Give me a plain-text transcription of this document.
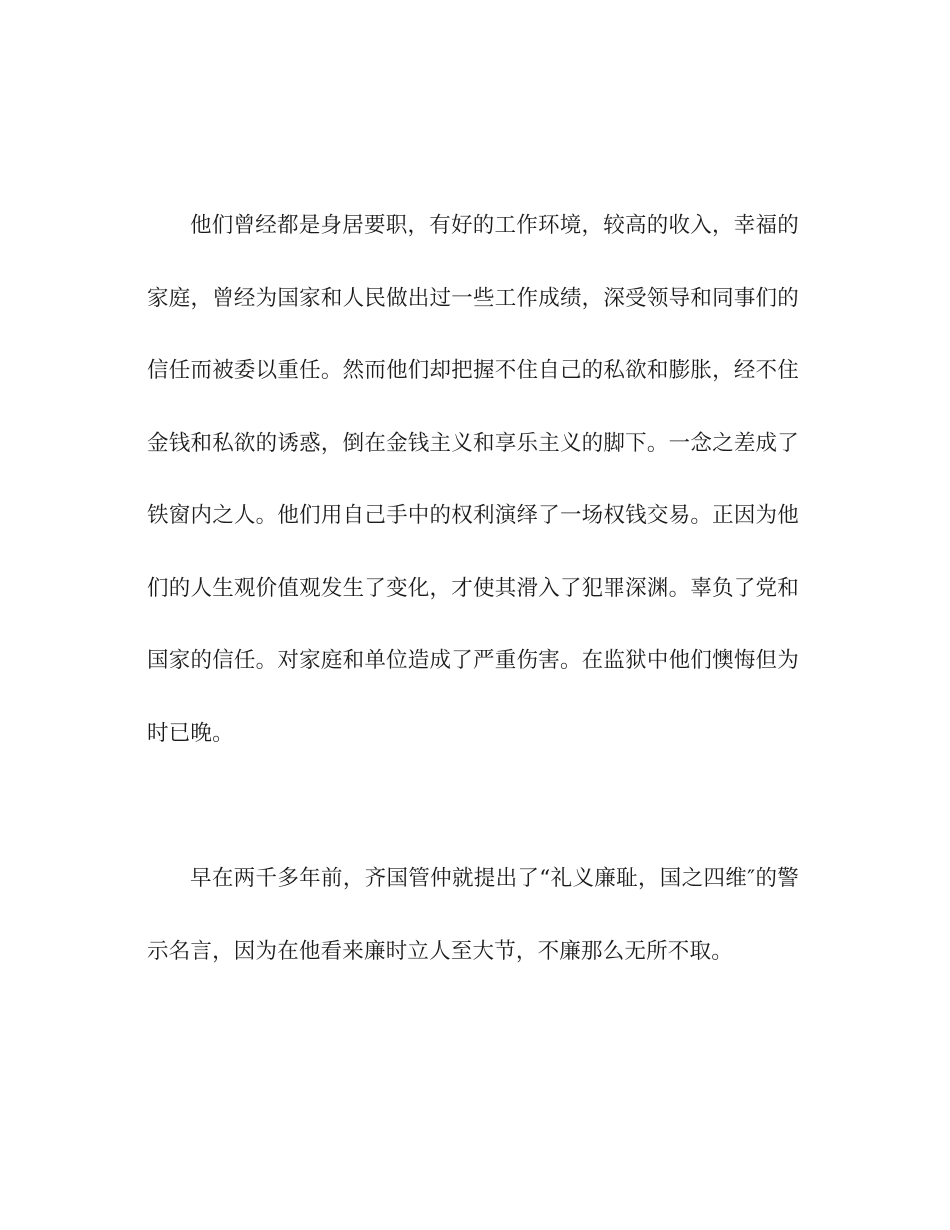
他们曾经都是身居要职，有好的工作环境，较高的收入，幸福的家庭，曾经为国家和人民做出过一些工作成绩，深受领导和同事们的信任而被委以重任。然而他们却把握不住自己的私欲和膨胀，经不住金钱和私欲的诱惑，倒在金钱主义和享乐主义的脚下。一念之差成了铁窗内之人。他们用自己手中的权利演绎了一场权钱交易。正因为他们的人生观价值观发生了变化，才使其滑入了犯罪深渊。辜负了党和国家的信任。对家庭和单位造成了严重伤害。在监狱中他们懊悔但为时已晚。

早在两千多年前，齐国管仲就提出了“礼义廉耻，国之四维″的警示名言，因为在他看来廉时立人至大节，不廉那么无所不取。
